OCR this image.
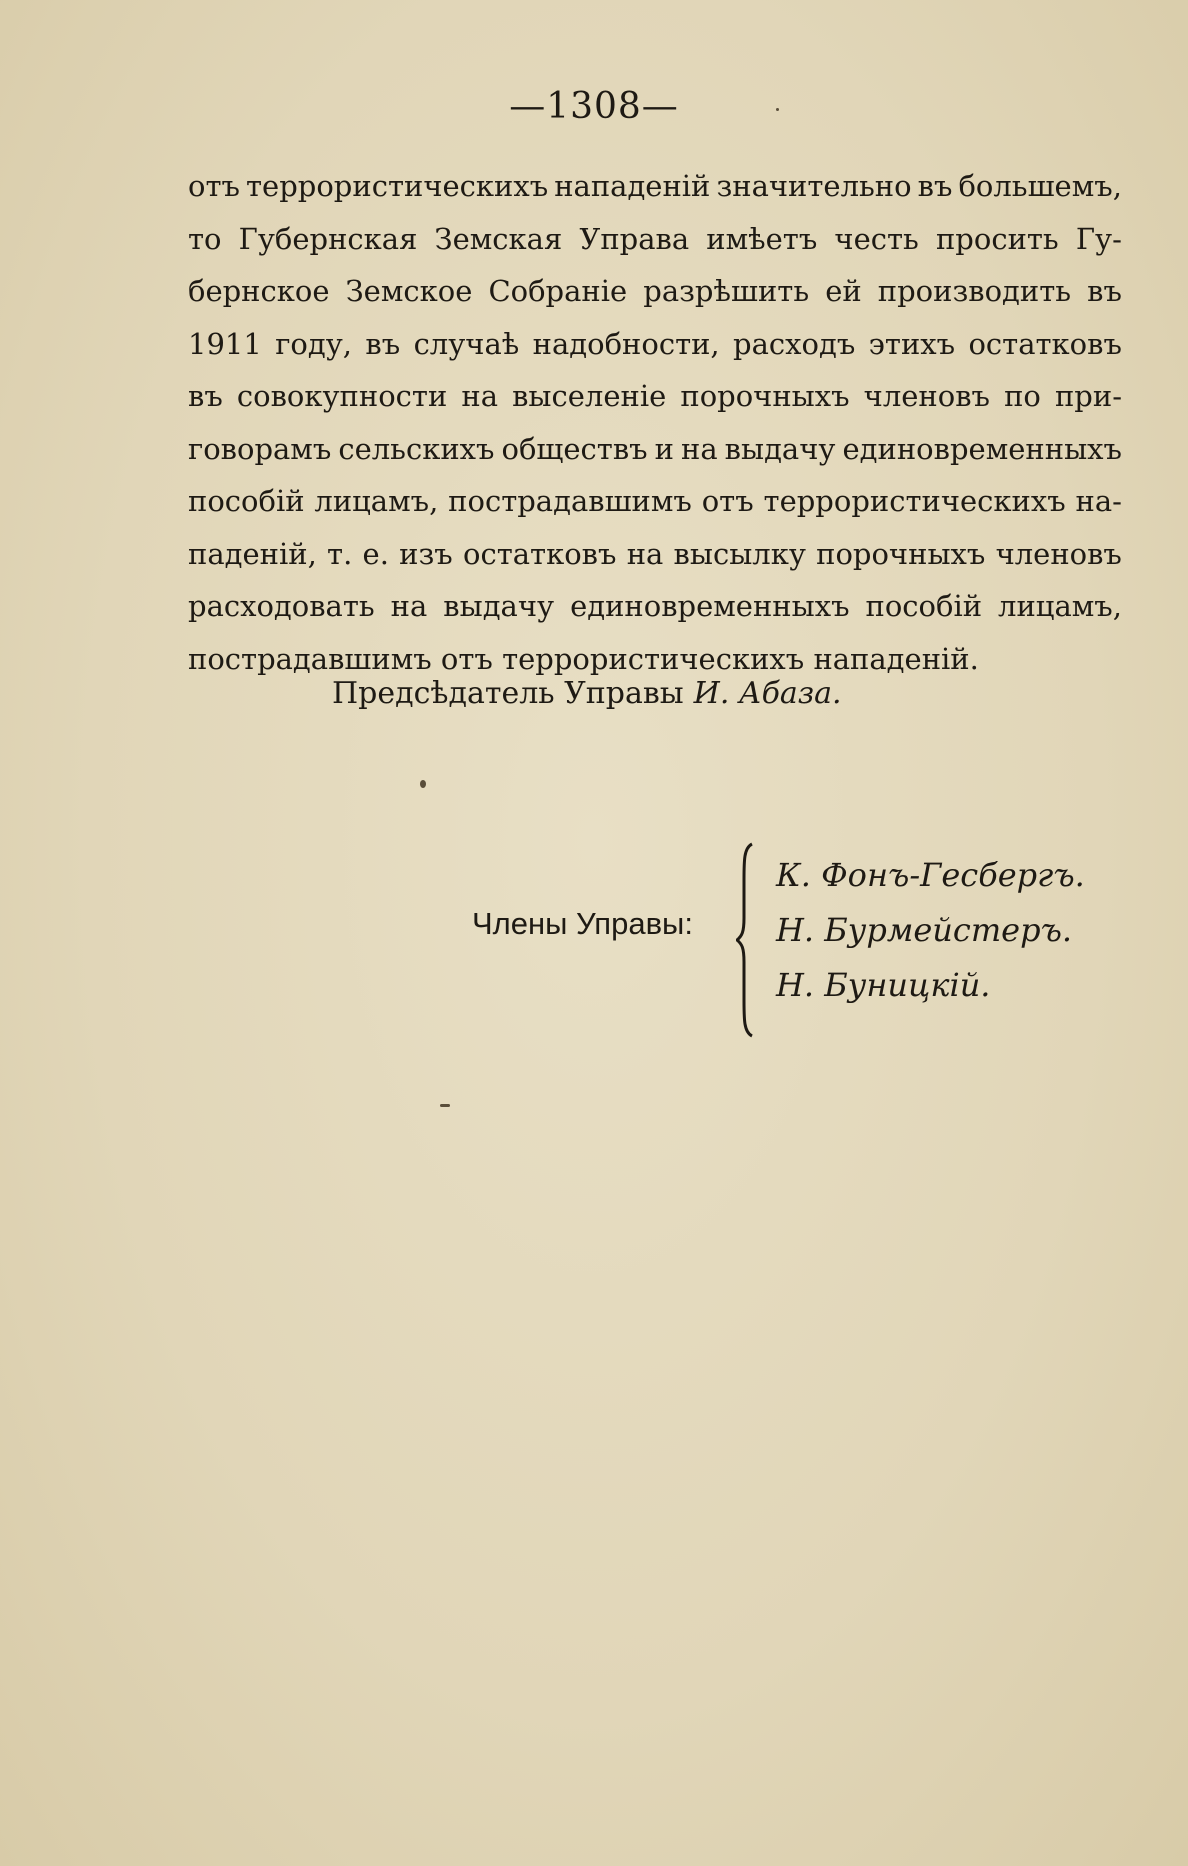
—1308—
отъ террористическихъ нападеній значительно въ большемъ,
то Губернская Земская Управа имѣетъ честь просить Гу-
бернское Земское Собраніе разрѣшить ей производить въ
1911 году, въ случаѣ надобности, расходъ этихъ остатковъ
въ совокупности на выселеніе порочныхъ членовъ по при-
говорамъ сельскихъ обществъ и на выдачу единовременныхъ
пособій лицамъ, пострадавшимъ отъ террористическихъ на-
паденій, т. е. изъ остатковъ на высылку порочныхъ членовъ
расходовать на выдачу единовременныхъ пособій лицамъ,
пострадавшимъ отъ террористическихъ нападеній.
Предсѣдатель Управы И. Абаза.
Члены Управы:
К. Фонъ-Гесбергъ.
Н. Бурмейстеръ.
Н. Буницкій.
